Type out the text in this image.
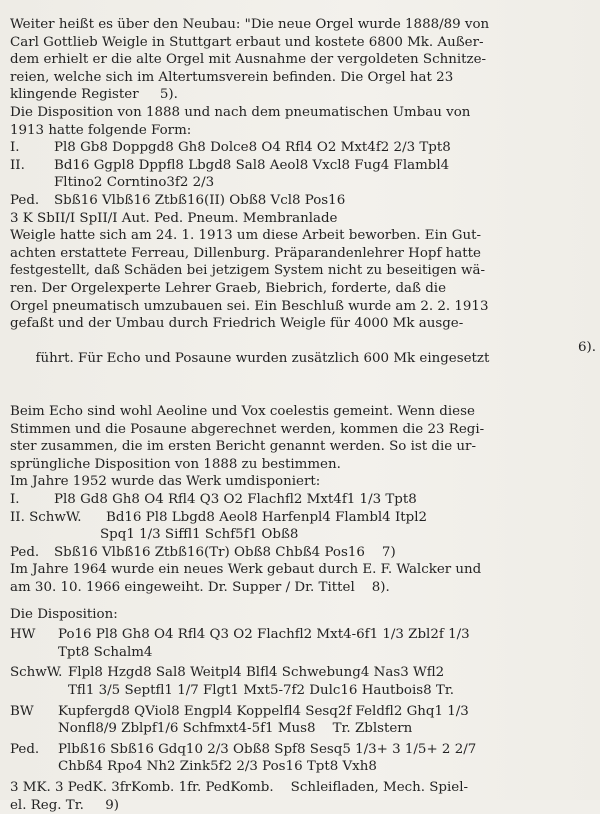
Weiter heißt es über den Neubau: "Die neue Orgel wurde 1888/89 von
Carl Gottlieb Weigle in Stuttgart erbaut und kostete 6800 Mk. Außer-
dem erhielt er die alte Orgel mit Ausnahme der vergoldeten Schnitze-
reien, welche sich im Altertumsverein befinden. Die Orgel hat 23
klingende Register     5).
Die Disposition von 1888 und nach dem pneumatischen Umbau von
1913 hatte folgende Form:
I.	Pl8 Gb8 Doppgd8 Gh8 Dolce8 O4 Rfl4 O2 Mxt4f2 2/3 Tpt8
II.	Bd16 Ggpl8 Dppfl8 Lbgd8 Sal8 Aeol8 Vxcl8 Fug4 Flambl4
Fltino2 Corntino3f2 2/3
Ped.	Sbß16 Vlbß16 Ztbß16(II) Obß8 Vcl8 Pos16
3 K SbII/I SpII/I Aut. Ped. Pneum. Membranlade
Weigle hatte sich am 24. 1. 1913 um diese Arbeit beworben. Ein Gut-
achten erstattete Ferreau, Dillenburg. Präparandenlehrer Hopf hatte
festgestellt, daß Schäden bei jetzigem System nicht zu beseitigen wä-
ren. Der Orgelexperte Lehrer Graeb, Biebrich, forderte, daß die
Orgel pneumatisch umzubauen sei. Ein Beschluß wurde am 2. 2. 1913
gefaßt und der Umbau durch Friedrich Weigle für 4000 Mk ausge-

führt. Für Echo und Posaune wurden zusätzlich 600 Mk eingesetzt

6).

Beim Echo sind wohl Aeoline und Vox coelestis gemeint. Wenn diese
Stimmen und die Posaune abgerechnet werden, kommen die 23 Regi-
ster zusammen, die im ersten Bericht genannt werden. So ist die ur-
sprüngliche Disposition von 1888 zu bestimmen.
Im Jahre 1952 wurde das Werk umdisponiert:
I.	Pl8 Gd8 Gh8 O4 Rfl4 Q3 O2 Flachfl2 Mxt4f1 1/3 Tpt8
II. SchwW.	Bd16 Pl8 Lbgd8 Aeol8 Harfenpl4 Flambl4 Itpl2
Spq1 1/3 Siffl1 Schf5f1 Obß8
Ped.	Sbß16 Vlbß16 Ztbß16(Tr) Obß8 Chbß4 Pos16    7)
Im Jahre 1964 wurde ein neues Werk gebaut durch E. F. Walcker und
am 30. 10. 1966 eingeweiht. Dr. Supper / Dr. Tittel    8).
Die Disposition:
HW	Po16 Pl8 Gh8 O4 Rfl4 Q3 O2 Flachfl2 Mxt4-6f1 1/3 Zbl2f 1/3
Tpt8 Schalm4
SchwW. Flpl8 Hzgd8 Sal8 Weitpl4 Blfl4 Schwebung4 Nas3 Wfl2
Tfl1 3/5 Septfl1 1/7 Flgt1 Mxt5-7f2 Dulc16 Hautbois8 Tr.
BW	Kupfergd8 QViol8 Engpl4 Koppelfl4 Sesq2f Feldfl2 Ghq1 1/3
Nonfl8/9 Zblpf1/6 Schfmxt4-5f1 Mus8    Tr. Zblstern
Ped.	Plbß16 Sbß16 Gdq10 2/3 Obß8 Spf8 Sesq5 1/3+ 3 1/5+ 2 2/7
Chbß4 Rpo4 Nh2 Zink5f2 2/3 Pos16 Tpt8 Vxh8
3 MK. 3 PedK. 3frKomb. 1fr. PedKomb.    Schleifladen, Mech. Spiel-
el. Reg. Tr.     9)
